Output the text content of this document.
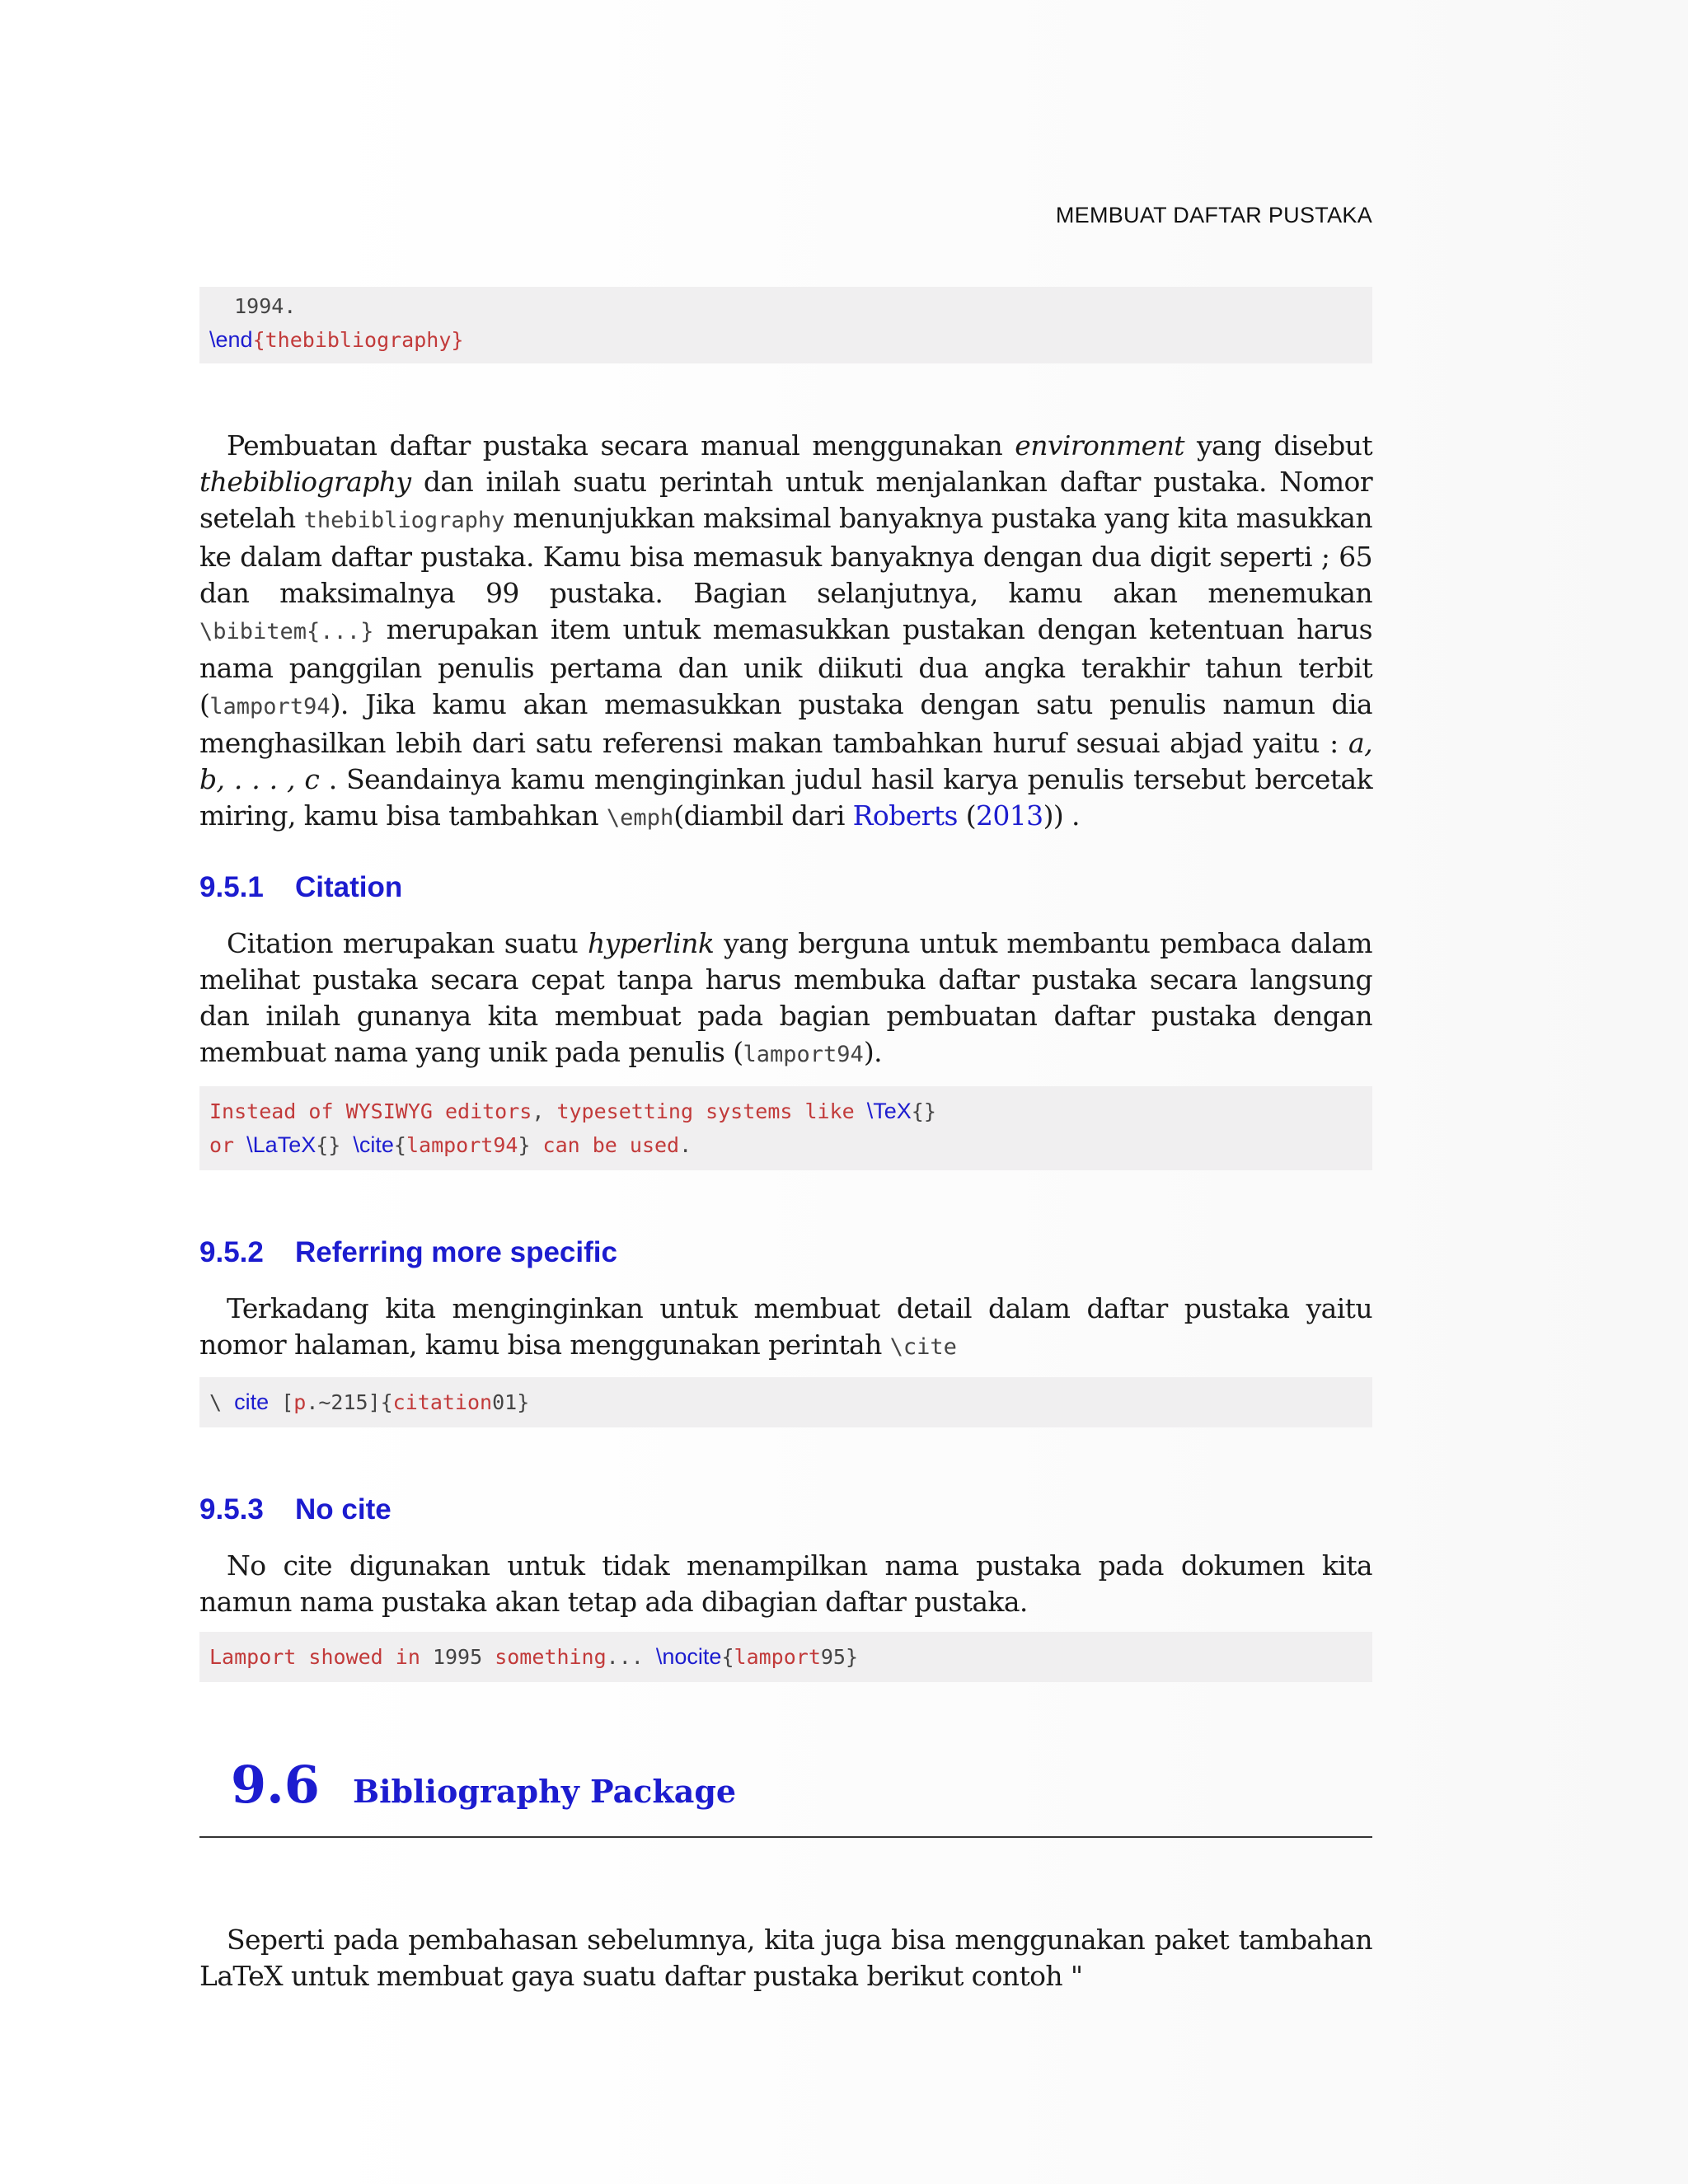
MEMBUAT DAFTAR PUSTAKA
1994.
\end{thebibliography}

Pembuatan daftar pustaka secara manual menggunakan environment yang disebut thebibliography dan inilah suatu perintah untuk menjalankan daftar pustaka. Nomor setelah thebibliography menunjukkan maksimal banyaknya pustaka yang kita masukkan ke dalam daftar pustaka. Kamu bisa memasuk banyaknya dengan dua digit seperti ; 65 dan maksimalnya 99 pustaka. Bagian selanjutnya, kamu akan menemukan \bibitem{...} merupakan item untuk memasukkan pustakan dengan ketentuan harus nama panggilan penulis pertama dan unik diikuti dua angka terakhir tahun terbit (lamport94). Jika kamu akan memasukkan pustaka dengan satu penulis namun dia menghasilkan lebih dari satu referensi makan tambahkan huruf sesuai abjad yaitu : a, b, . . . , c . Seandainya kamu menginginkan judul hasil karya penulis tersebut bercetak miring, kamu bisa tambahkan \emph(diambil dari Roberts (2013)) .

9.5.1 Citation

Citation merupakan suatu hyperlink yang berguna untuk membantu pembaca dalam melihat pustaka secara cepat tanpa harus membuka daftar pustaka secara langsung dan inilah gunanya kita membuat pada bagian pembuatan daftar pustaka dengan membuat nama yang unik pada penulis (lamport94).

Instead of WYSIWYG editors, typesetting systems like \TeX{}
or \LaTeX{} \cite{lamport94} can be used.
9.5.2 Referring more specific

Terkadang kita menginginkan untuk membuat detail dalam daftar pustaka yaitu nomor halaman, kamu bisa menggunakan perintah \cite

\ cite [p.~215]{citation01}
9.5.3 No cite

No cite digunakan untuk tidak menampilkan nama pustaka pada dokumen kita namun nama pustaka akan tetap ada dibagian daftar pustaka.

Lamport showed in 1995 something... \nocite{lamport95}
9.6 Bibliography Package

Seperti pada pembahasan sebelumnya, kita juga bisa menggunakan paket tambahan LaTeX untuk membuat gaya suatu daftar pustaka berikut contoh "
